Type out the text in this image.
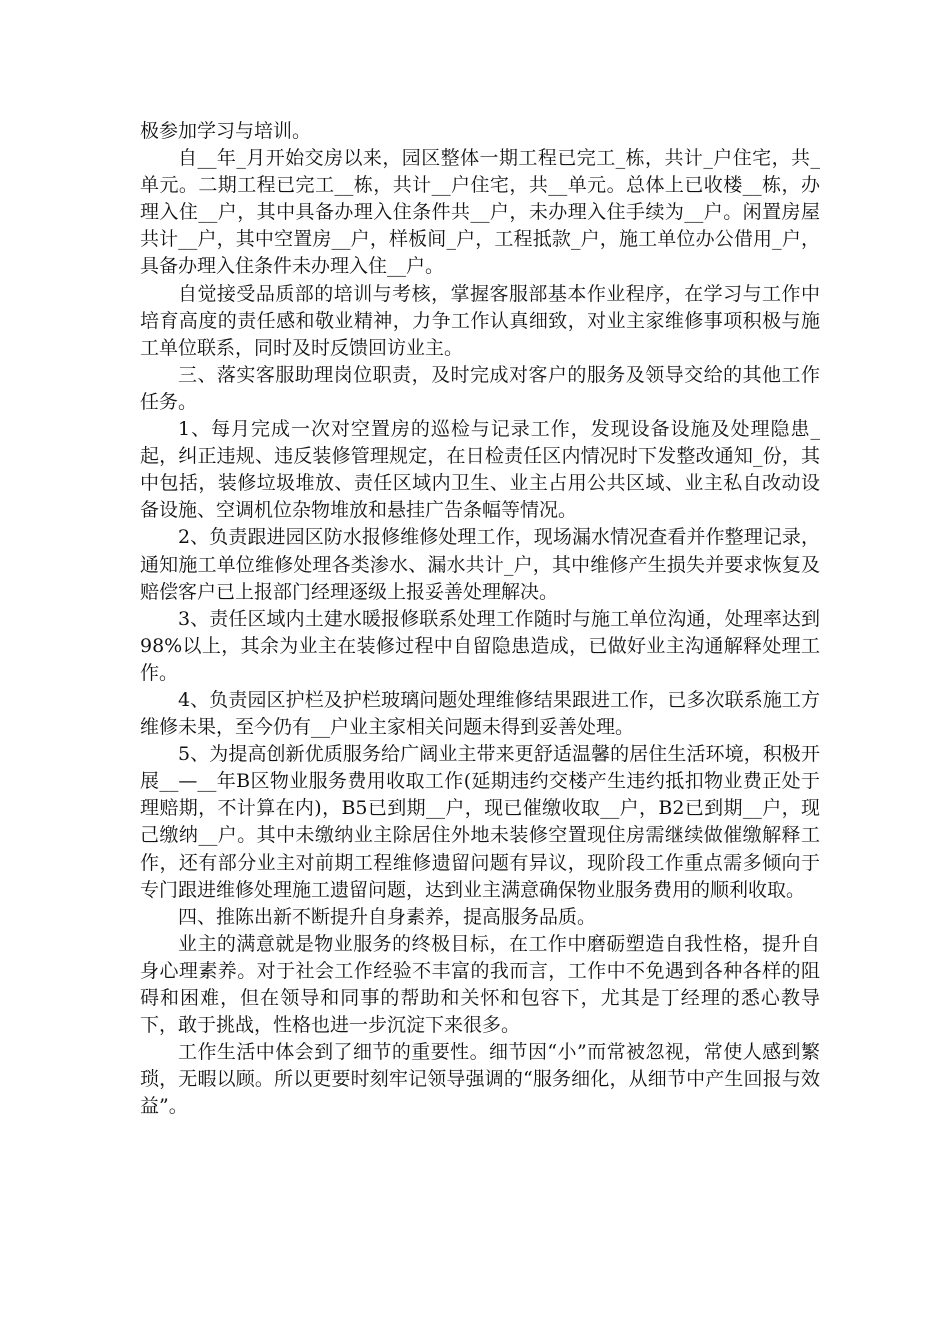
极参加学习与培训。

自__年_月开始交房以来，园区整体一期工程已完工_栋，共计_户住宅，共_单元。二期工程已完工__栋，共计__户住宅，共__单元。总体上已收楼__栋，办理入住__户，其中具备办理入住条件共__户，未办理入住手续为__户。闲置房屋共计__户，其中空置房__户，样板间_户，工程抵款_户，施工单位办公借用_户，具备办理入住条件未办理入住__户。

自觉接受品质部的培训与考核，掌握客服部基本作业程序，在学习与工作中培育高度的责任感和敬业精神，力争工作认真细致，对业主家维修事项积极与施工单位联系，同时及时反馈回访业主。

三、落实客服助理岗位职责，及时完成对客户的服务及领导交给的其他工作任务。

1、每月完成一次对空置房的巡检与记录工作，发现设备设施及处理隐患_起，纠正违规、违反装修管理规定，在日检责任区内情况时下发整改通知_份，其中包括，装修垃圾堆放、责任区域内卫生、业主占用公共区域、业主私自改动设备设施、空调机位杂物堆放和悬挂广告条幅等情况。

2、负责跟进园区防水报修维修处理工作，现场漏水情况查看并作整理记录，通知施工单位维修处理各类渗水、漏水共计_户，其中维修产生损失并要求恢复及赔偿客户已上报部门经理逐级上报妥善处理解决。

3、责任区域内土建水暖报修联系处理工作随时与施工单位沟通，处理率达到98%以上，其余为业主在装修过程中自留隐患造成，已做好业主沟通解释处理工作。

4、负责园区护栏及护栏玻璃问题处理维修结果跟进工作，已多次联系施工方维修未果，至今仍有__户业主家相关问题未得到妥善处理。

5、为提高创新优质服务给广阔业主带来更舒适温馨的居住生活环境，积极开展__—__年B区物业服务费用收取工作(延期违约交楼产生违约抵扣物业费正处于理赔期，不计算在内)，B5已到期__户，现已催缴收取__户，B2已到期__户，现己缴纳__户。其中未缴纳业主除居住外地未装修空置现住房需继续做催缴解释工作，还有部分业主对前期工程维修遗留问题有异议，现阶段工作重点需多倾向于专门跟进维修处理施工遗留问题，达到业主满意确保物业服务费用的顺利收取。

四、推陈出新不断提升自身素养，提高服务品质。

业主的满意就是物业服务的终极目标，在工作中磨砺塑造自我性格，提升自身心理素养。对于社会工作经验不丰富的我而言，工作中不免遇到各种各样的阻碍和困难，但在领导和同事的帮助和关怀和包容下，尤其是丁经理的悉心教导下，敢于挑战，性格也进一步沉淀下来很多。

工作生活中体会到了细节的重要性。细节因“小”而常被忽视，常使人感到繁琐，无暇以顾。所以更要时刻牢记领导强调的“服务细化，从细节中产生回报与效益”。
